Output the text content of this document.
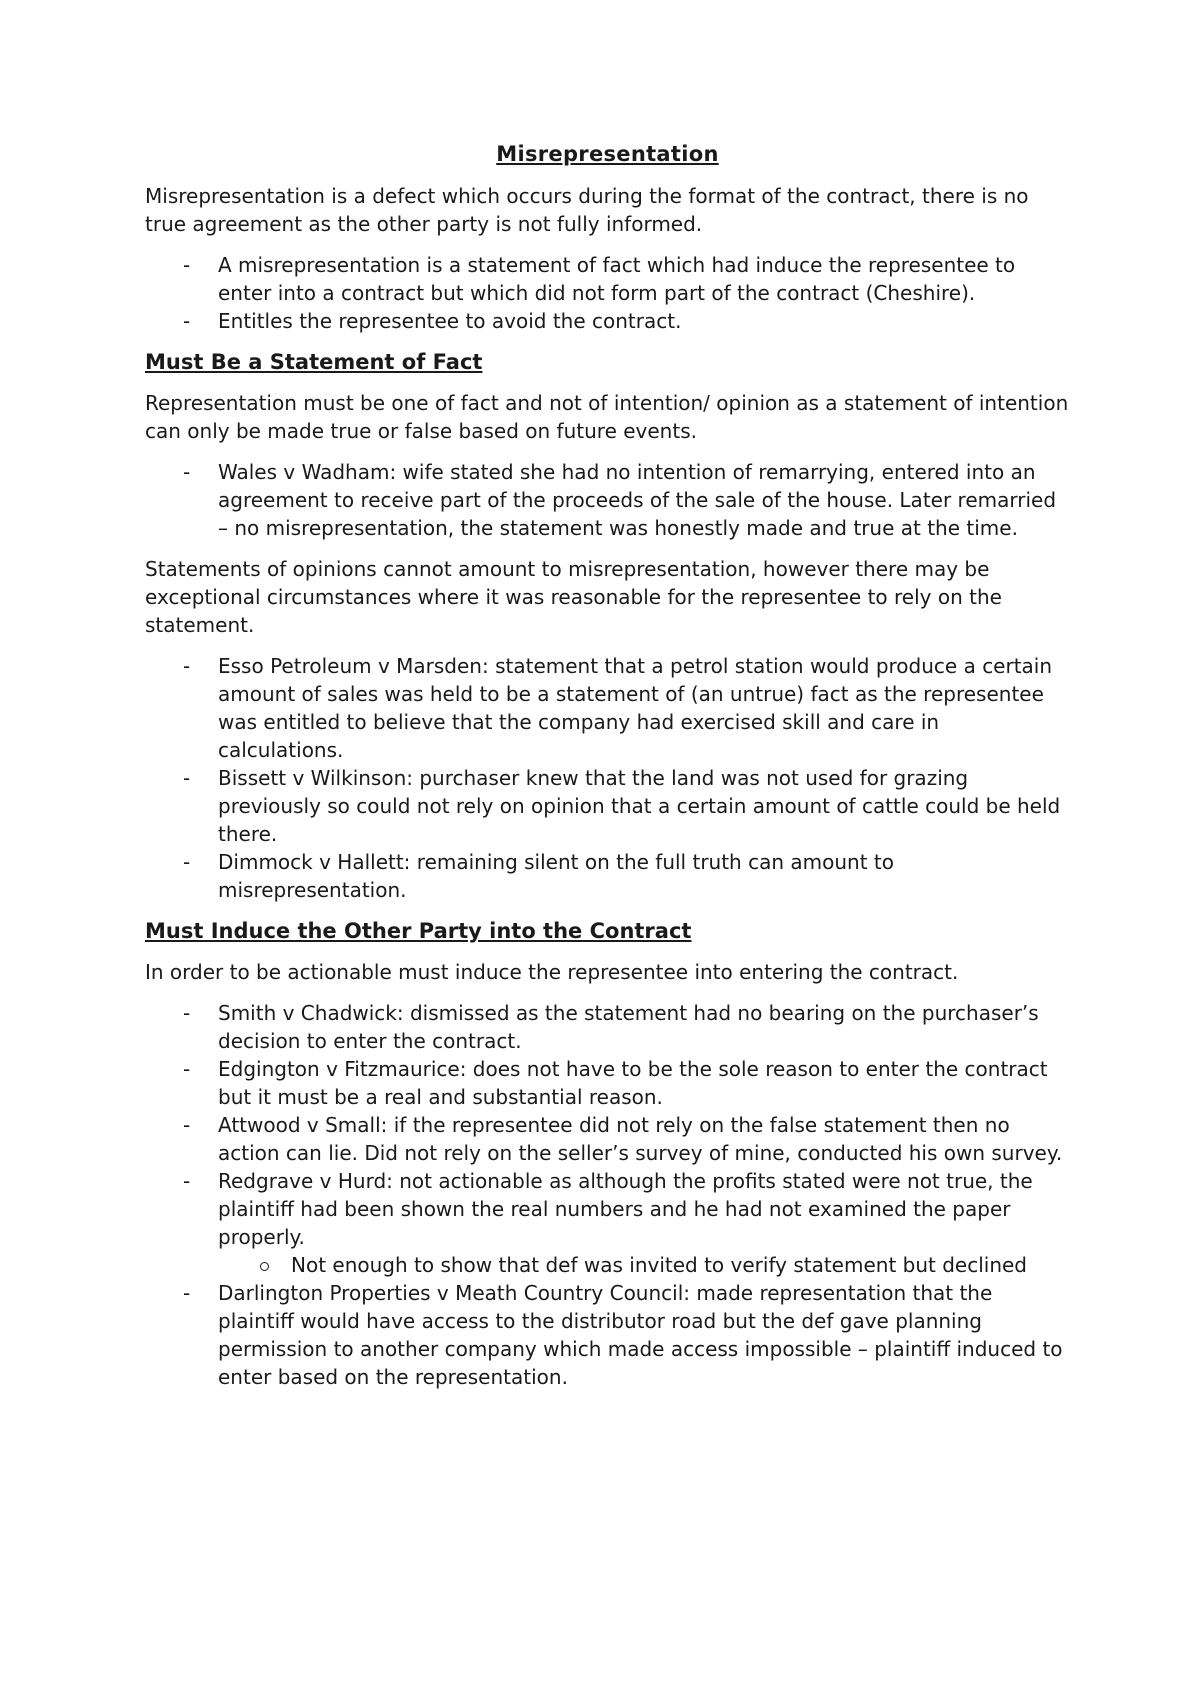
Misrepresentation

Misrepresentation is a defect which occurs during the format of the contract, there is no true agreement as the other party is not fully informed.

- A misrepresentation is a statement of fact which had induce the representee to enter into a contract but which did not form part of the contract (Cheshire).
- Entitles the representee to avoid the contract.

Must Be a Statement of Fact

Representation must be one of fact and not of intention/ opinion as a statement of intention can only be made true or false based on future events.

- Wales v Wadham: wife stated she had no intention of remarrying, entered into an agreement to receive part of the proceeds of the sale of the house. Later remarried – no misrepresentation, the statement was honestly made and true at the time.

Statements of opinions cannot amount to misrepresentation, however there may be exceptional circumstances where it was reasonable for the representee to rely on the statement.

- Esso Petroleum v Marsden: statement that a petrol station would produce a certain amount of sales was held to be a statement of (an untrue) fact as the representee was entitled to believe that the company had exercised skill and care in calculations.
- Bissett v Wilkinson: purchaser knew that the land was not used for grazing previously so could not rely on opinion that a certain amount of cattle could be held there.
- Dimmock v Hallett: remaining silent on the full truth can amount to misrepresentation.

Must Induce the Other Party into the Contract

In order to be actionable must induce the representee into entering the contract.

- Smith v Chadwick: dismissed as the statement had no bearing on the purchaser’s decision to enter the contract.
- Edgington v Fitzmaurice: does not have to be the sole reason to enter the contract but it must be a real and substantial reason.
- Attwood v Small: if the representee did not rely on the false statement then no action can lie. Did not rely on the seller’s survey of mine, conducted his own survey.
- Redgrave v Hurd: not actionable as although the profits stated were not true, the plaintiff had been shown the real numbers and he had not examined the paper properly.
Not enough to show that def was invited to verify statement but declined
- Darlington Properties v Meath Country Council: made representation that the plaintiff would have access to the distributor road but the def gave planning permission to another company which made access impossible – plaintiff induced to enter based on the representation.
